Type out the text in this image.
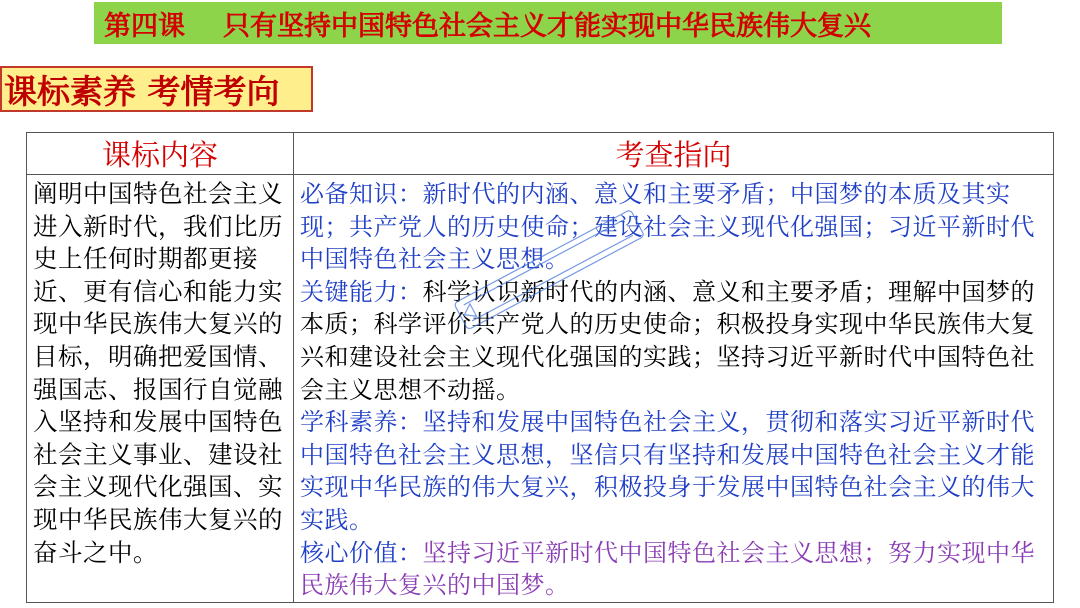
第四课 只有坚持中国特色社会主义才能实现中华民族伟大复兴
课标素养 考情考向
课标内容	考查指向

阐明中国特色社会主义进入新时代，我们比历史上任何时期都更接近、更有信心和能力实现中华民族伟大复兴的目标，明确把爱国情、强国志、报国行自觉融入坚持和发展中国特色社会主义事业、建设社会主义现代化强国、实现中华民族伟大复兴的奋斗之中。	必备知识：新时代的内涵、意义和主要矛盾；中国梦的本质及其实现；共产党人的历史使命；建设社会主义现代化强国；习近平新时代中国特色社会主义思想。
关键能力：科学认识新时代的内涵、意义和主要矛盾；理解中国梦的本质；科学评价共产党人的历史使命；积极投身实现中华民族伟大复兴和建设社会主义现代化强国的实践；坚持习近平新时代中国特色社会主义思想不动摇。
学科素养：坚持和发展中国特色社会主义，贯彻和落实习近平新时代中国特色社会主义思想，坚信只有坚持和发展中国特色社会主义才能实现中华民族的伟大复兴，积极投身于发展中国特色社会主义的伟大实践。
核心价值：坚持习近平新时代中国特色社会主义思想；努力实现中华民族伟大复兴的中国梦。
